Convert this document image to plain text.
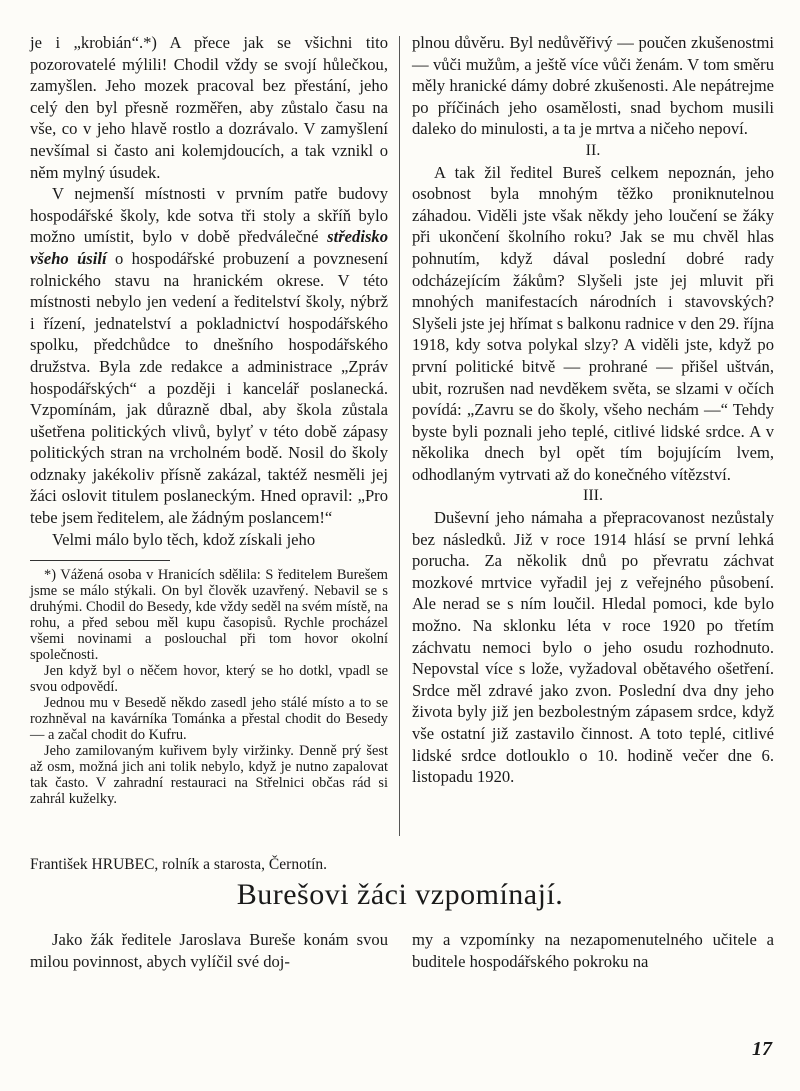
je i „krobián“.*) A přece jak se všichni tito pozorovatelé mýlili! Chodil vždy se svojí hůlečkou, zamyšlen. Jeho mozek pracoval bez přestání, jeho celý den byl přesně rozměřen, aby zůstalo času na vše, co v jeho hlavě rostlo a dozrávalo. V zamyšlení nevšímal si často ani kolemjdoucích, a tak vznikl o něm mylný úsudek.

V nejmenší místnosti v prvním patře budovy hospodářské školy, kde sotva tři stoly a skříň bylo možno umístit, bylo v době předválečné středisko všeho úsilí o hospodářské probuzení a povznesení rolnického stavu na hranickém okrese. V této místnosti nebylo jen vedení a ředitelství školy, nýbrž i řízení, jednatelství a pokladnictví hospodářského spolku, předchůdce to dnešního hospodářského družstva. Byla zde redakce a administrace „Zpráv hospodářských“ a později i kancelář poslanecká. Vzpomínám, jak důrazně dbal, aby škola zůstala ušetřena politických vlivů, bylyť v této době zápasy politických stran na vrcholném bodě. Nosil do školy odznaky jakékoliv přísně zakázal, taktéž nesměli jej žáci oslovit titulem poslaneckým. Hned opravil: „Pro tebe jsem ředitelem, ale žádným poslancem!“

Velmi málo bylo těch, kdož získali jeho

*) Vážená osoba v Hranicích sdělila: S ředitelem Burešem jsme se málo stýkali. On byl člověk uzavřený. Nebavil se s druhými. Chodil do Besedy, kde vždy seděl na svém místě, na rohu, a před sebou měl kupu časopisů. Rychle procházel všemi novinami a poslouchal při tom hovor okolní společnosti.

Jen když byl o něčem hovor, který se ho dotkl, vpadl se svou odpovědí.

Jednou mu v Besedě někdo zasedl jeho stálé místo a to se rozhněval na kavárníka Tománka a přestal chodit do Besedy — a začal chodit do Kufru.

Jeho zamilovaným kuřivem byly viržinky. Denně prý šest až osm, možná jich ani tolik nebylo, když je nutno zapalovat tak často. V zahradní restauraci na Střelnici občas rád si zahrál kuželky.

plnou důvěru. Byl nedůvěřivý — poučen zkušenostmi — vůči mužům, a ještě více vůči ženám. V tom směru měly hranické dámy dobré zkušenosti. Ale nepátrejme po příčinách jeho osamělosti, snad bychom musili daleko do minulosti, a ta je mrtva a ničeho nepoví.

II.

A tak žil ředitel Bureš celkem nepoznán, jeho osobnost byla mnohým těžko proniknutelnou záhadou. Viděli jste však někdy jeho loučení se žáky při ukončení školního roku? Jak se mu chvěl hlas pohnutím, když dával poslední dobré rady odcházejícím žákům? Slyšeli jste jej mluvit při mnohých manifestacích národních i stavovských? Slyšeli jste jej hřímat s balkonu radnice v den 29. října 1918, kdy sotva polykal slzy? A viděli jste, když po první politické bitvě — prohrané — přišel uštván, ubit, rozrušen nad nevděkem světa, se slzami v očích povídá: „Zavru se do školy, všeho nechám —“ Tehdy byste byli poznali jeho teplé, citlivé lidské srdce. A v několika dnech byl opět tím bojujícím lvem, odhodlaným vytrvati až do konečného vítězství.

III.

Duševní jeho námaha a přepracovanost nezůstaly bez následků. Již v roce 1914 hlásí se první lehká porucha. Za několik dnů po převratu záchvat mozkové mrtvice vyřadil jej z veřejného působení. Ale nerad se s ním loučil. Hledal pomoci, kde bylo možno. Na sklonku léta v roce 1920 po třetím záchvatu nemoci bylo o jeho osudu rozhodnuto. Nepovstal více s lože, vyžadoval obětavého ošetření. Srdce měl zdravé jako zvon. Poslední dva dny jeho života byly již jen bezbolestným zápasem srdce, když vše ostatní již zastavilo činnost. A toto teplé, citlivé lidské srdce dotlouklo o 10. hodině večer dne 6. listopadu 1920.

František HRUBEC, rolník a starosta, Černotín.
Burešovi žáci vzpomínají.

Jako žák ředitele Jaroslava Bureše konám svou milou povinnost, abych vylíčil své doj-

my a vzpomínky na nezapomenutelného učitele a buditele hospodářského pokroku na

17
